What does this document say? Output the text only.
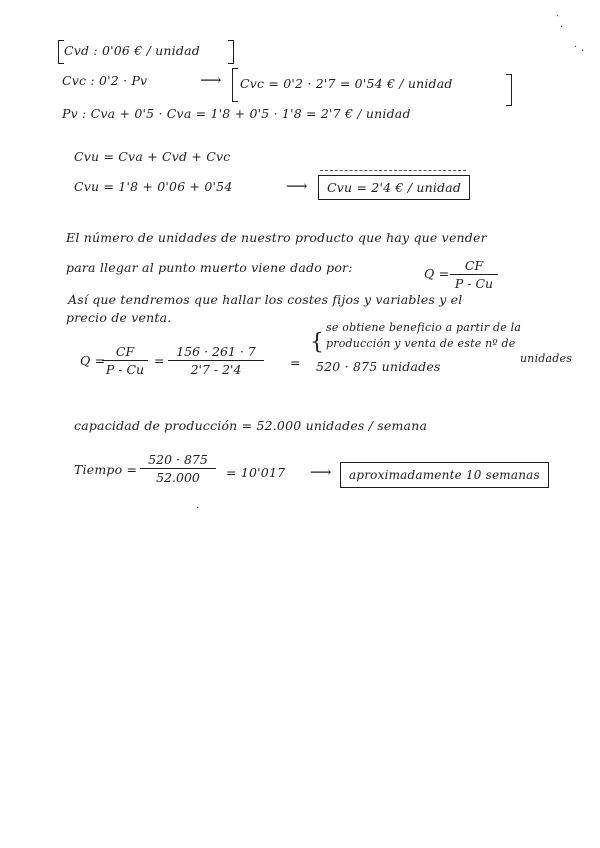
Cvd : 0'06 € / unidad
Cvc : 0'2 · Pv	⟶ Cvc = 0'2 · 2'7 = 0'54 € / unidad
Pv : Cva + 0'5 · Cva = 1'8 + 0'5 · 1'8 = 2'7 € / unidad
Cvu = Cva + Cvd + Cvc
Cvu = 1'8 + 0'06 + 0'54	⟶	Cvu = 2'4 € / unidad
El número de unidades de nuestro producto que hay que vender
para llegar al punto muerto viene dado por:	Q =
CF
P - Cu
Así que tendremos que hallar los costes fijos y variables y el
precio de venta.
Q =
CF
P - Cu
=
156 · 261 · 7
2'7 - 2'4	= 520 · 875 unidades
{
se obtiene beneficio a partir de la
producción y venta de este nº de
unidades
capacidad de producción = 52.000 unidades / semana
Tiempo =
520 · 875
52.000 = 10'017 ⟶	aproximadamente 10 semanas
ˎ
·
· ·
·
